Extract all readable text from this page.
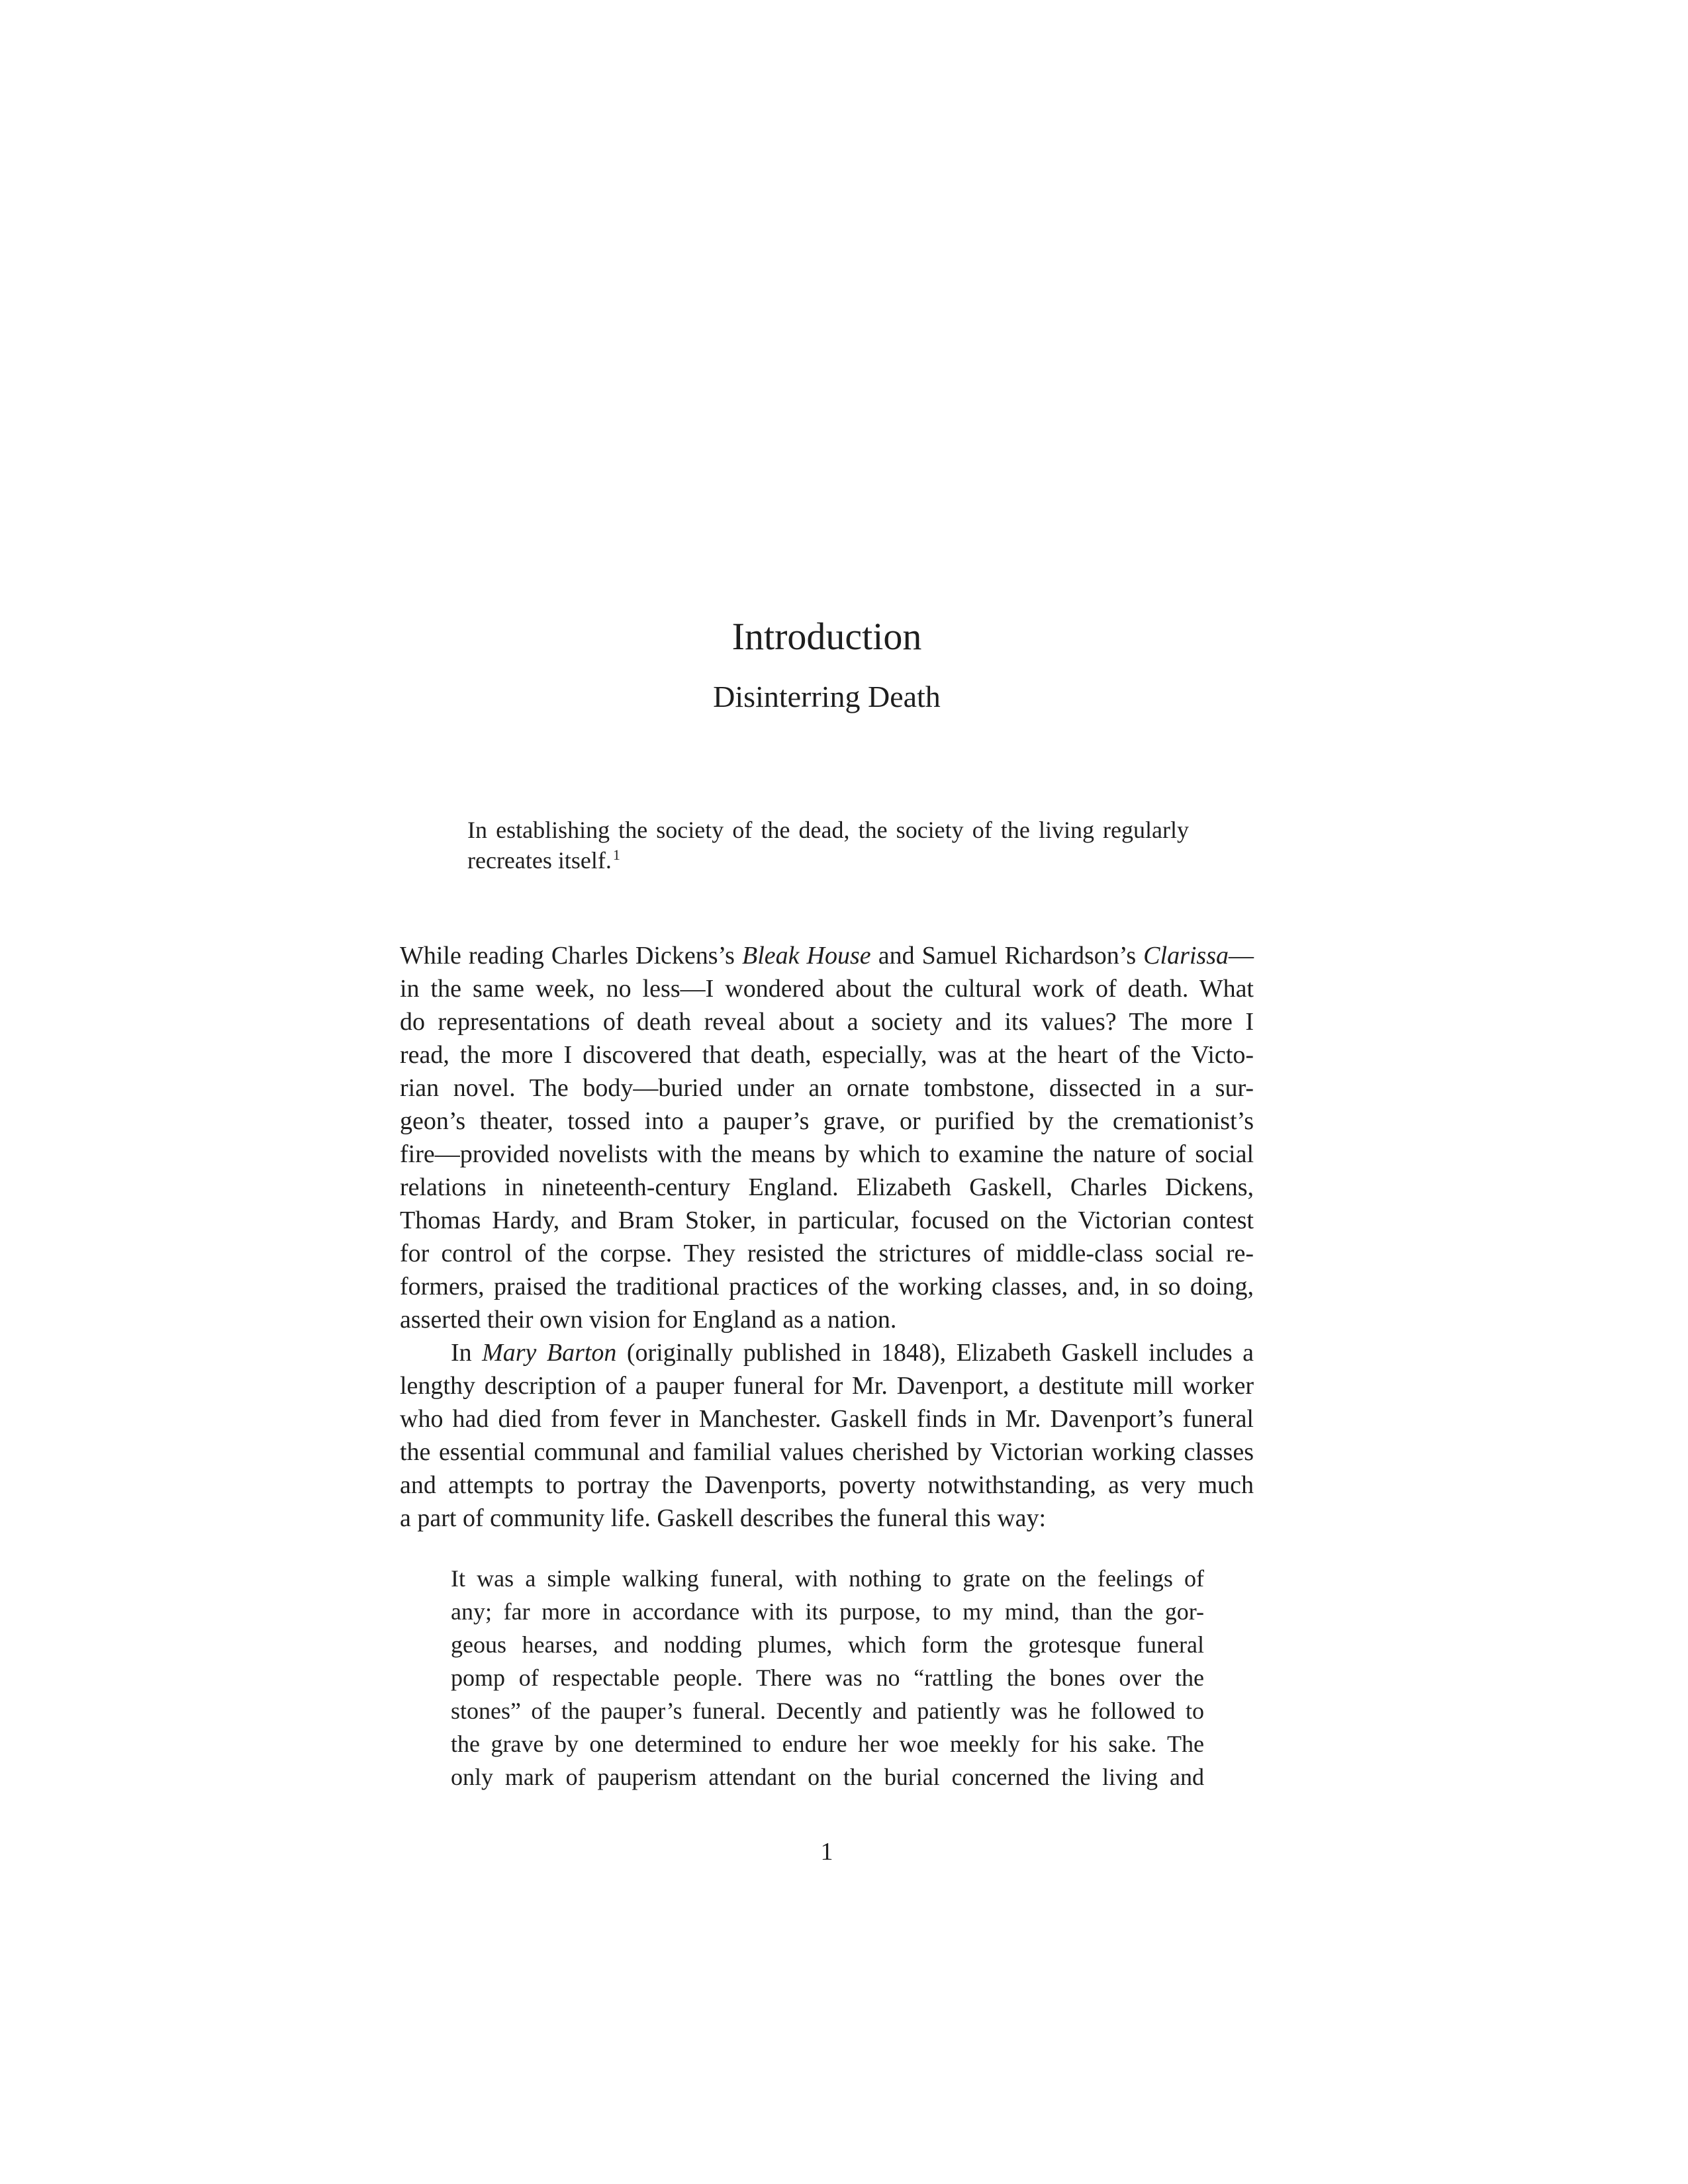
Introduction
Disinterring Death
In establishing the society of the dead, the society of the living regularly
recreates itself.$^1$
While reading Charles Dickens’s Bleak House and Samuel Richardson’s Clarissa—
in the same week, no less—I wondered about the cultural work of death. What
do representations of death reveal about a society and its values? The more I
read, the more I discovered that death, especially, was at the heart of the Victo-
rian novel. The body—buried under an ornate tombstone, dissected in a sur-
geon’s theater, tossed into a pauper’s grave, or purified by the cremationist’s
fire—provided novelists with the means by which to examine the nature of social
relations in nineteenth-century England. Elizabeth Gaskell, Charles Dickens,
Thomas Hardy, and Bram Stoker, in particular, focused on the Victorian contest
for control of the corpse. They resisted the strictures of middle-class social re-
formers, praised the traditional practices of the working classes, and, in so doing,
asserted their own vision for England as a nation.
In Mary Barton (originally published in 1848), Elizabeth Gaskell includes a
lengthy description of a pauper funeral for Mr. Davenport, a destitute mill worker
who had died from fever in Manchester. Gaskell finds in Mr. Davenport’s funeral
the essential communal and familial values cherished by Victorian working classes
and attempts to portray the Davenports, poverty notwithstanding, as very much
a part of community life. Gaskell describes the funeral this way:
It was a simple walking funeral, with nothing to grate on the feelings of
any; far more in accordance with its purpose, to my mind, than the gor-
geous hearses, and nodding plumes, which form the grotesque funeral
pomp of respectable people. There was no “rattling the bones over the
stones” of the pauper’s funeral. Decently and patiently was he followed to
the grave by one determined to endure her woe meekly for his sake. The
only mark of pauperism attendant on the burial concerned the living and
1
